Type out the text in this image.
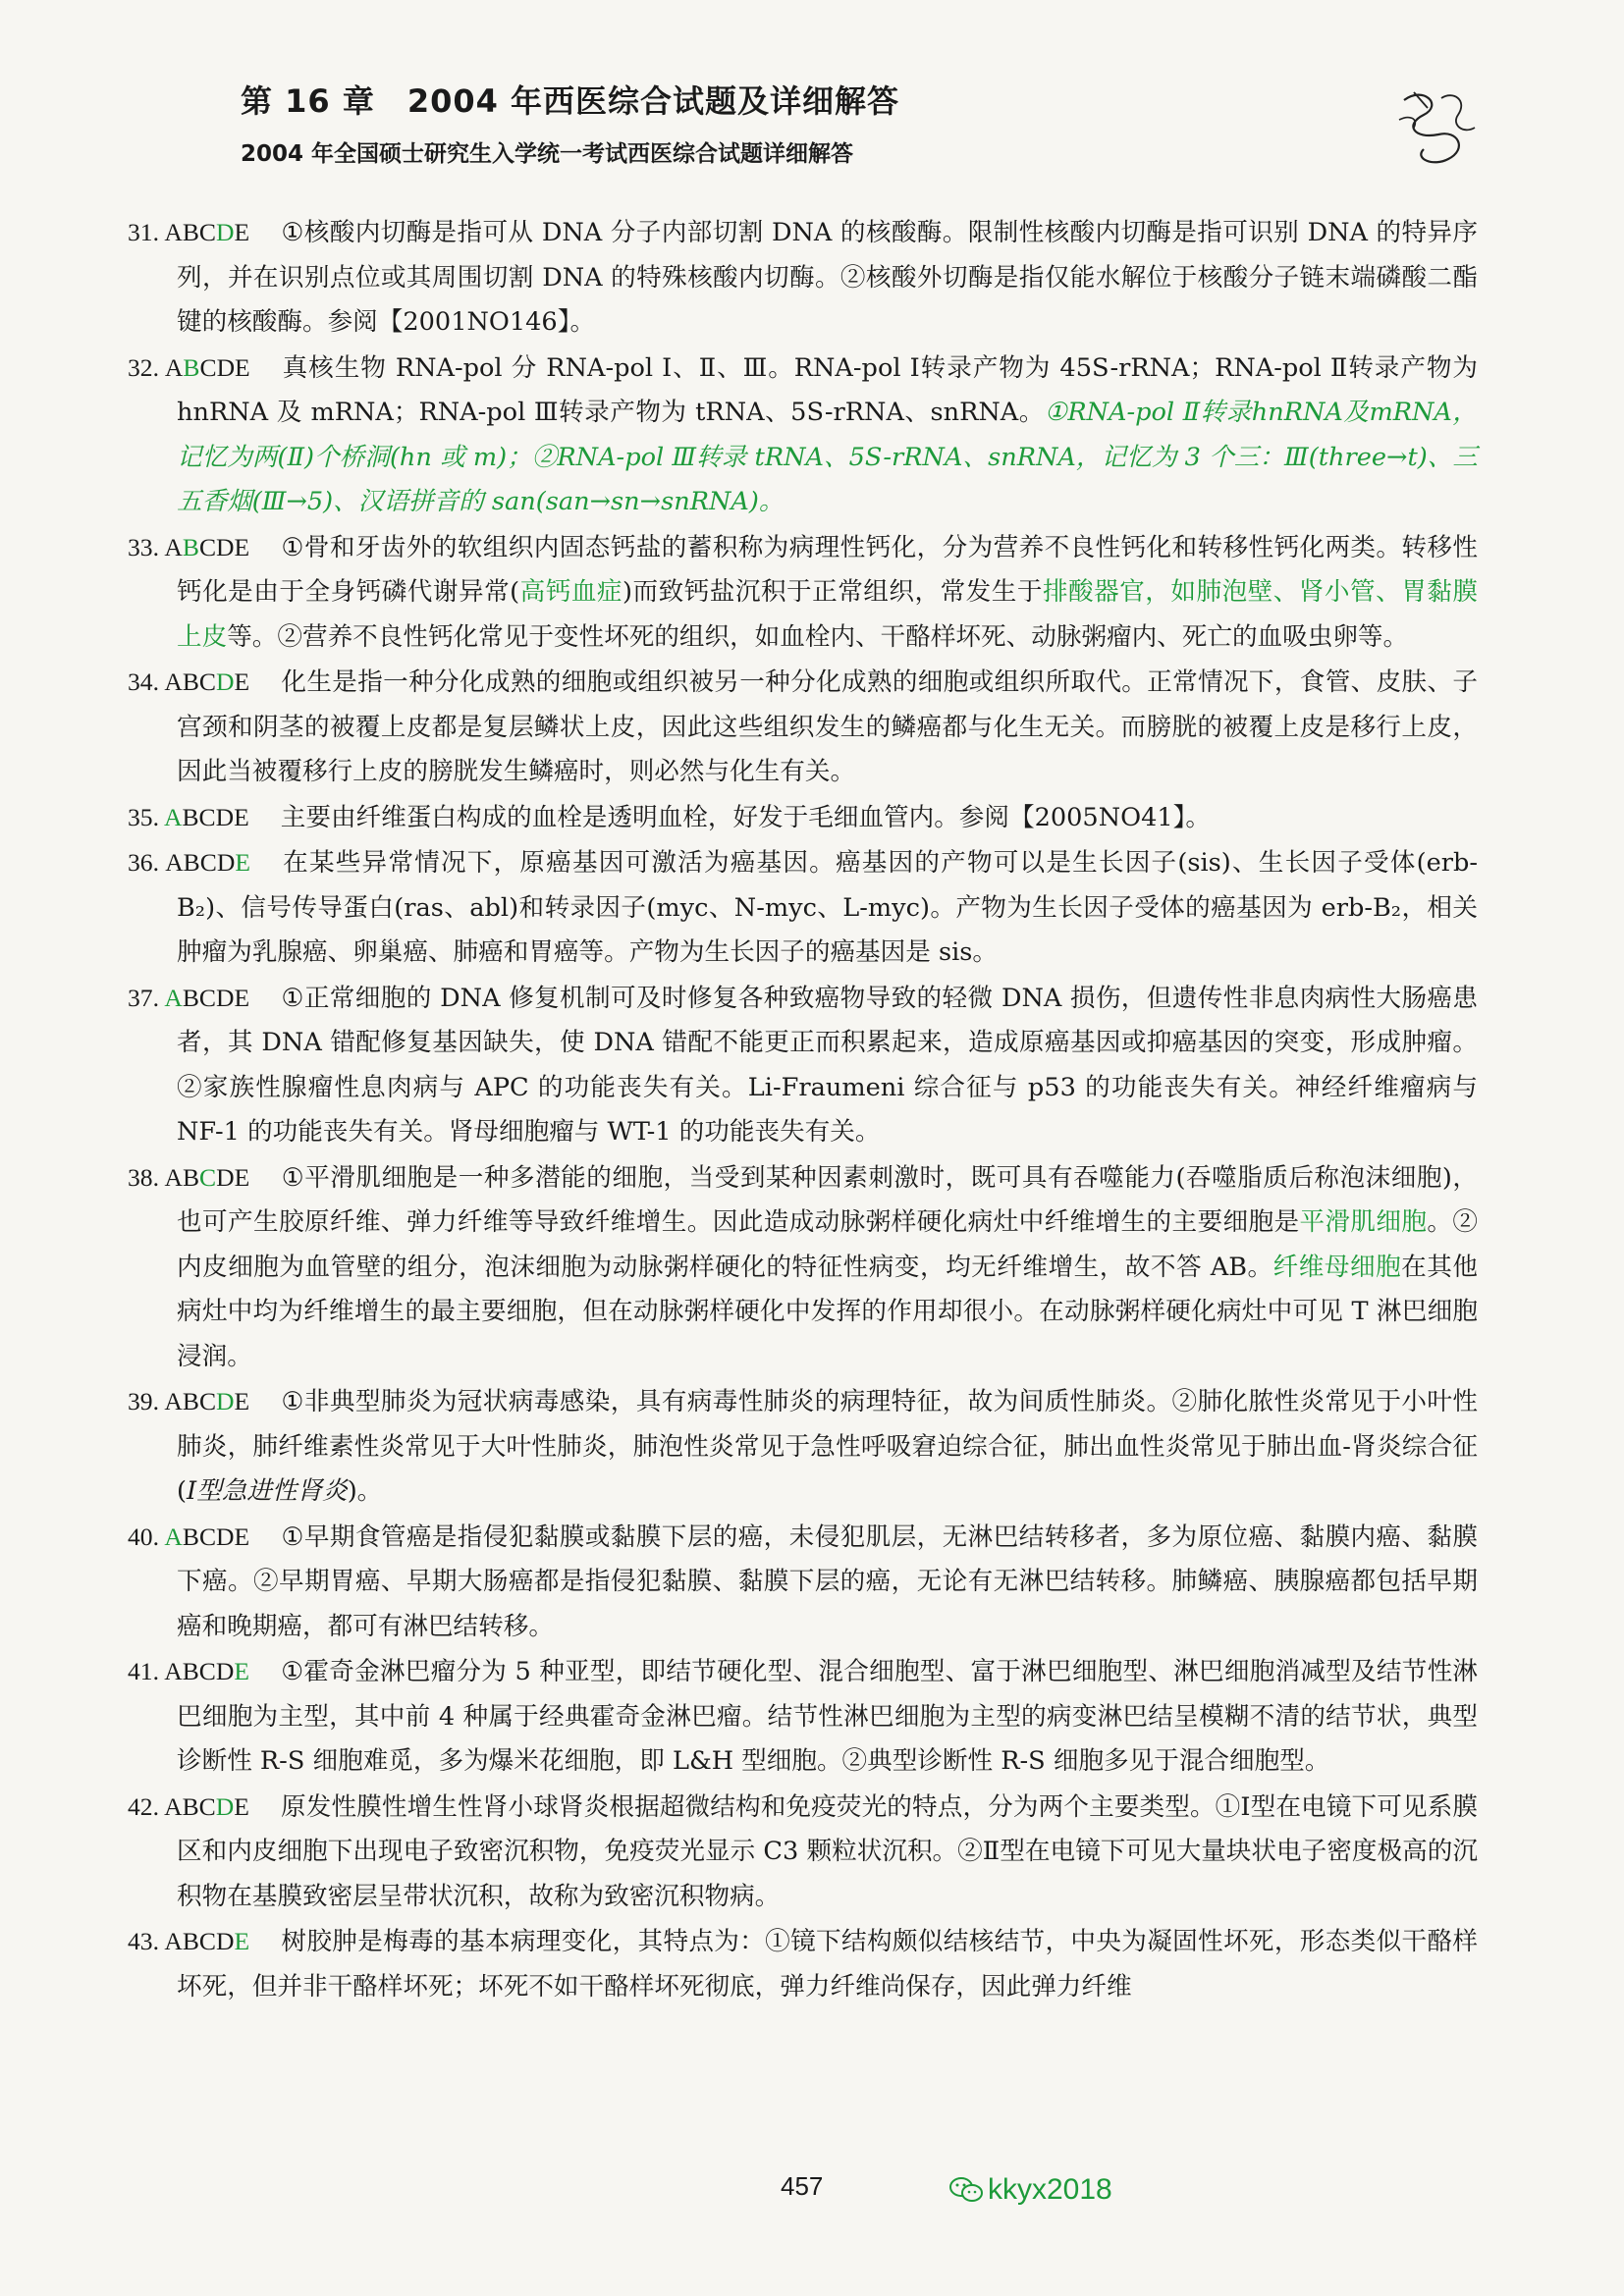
第 16 章　2004 年西医综合试题及详细解答
2004 年全国硕士研究生入学统一考试西医综合试题详细解答
31. ABCDE ①核酸内切酶是指可从 DNA 分子内部切割 DNA 的核酸酶。限制性核酸内切酶是指可识别 DNA 的特异序列，并在识别点位或其周围切割 DNA 的特殊核酸内切酶。②核酸外切酶是指仅能水解位于核酸分子链末端磷酸二酯键的核酸酶。参阅【2001NO146】。
32. ABCDE 真核生物 RNA-pol 分 RNA-pol Ⅰ、Ⅱ、Ⅲ。RNA-pol Ⅰ转录产物为 45S-rRNA；RNA-pol Ⅱ转录产物为 hnRNA 及 mRNA；RNA-pol Ⅲ转录产物为 tRNA、5S-rRNA、snRNA。①RNA-pol Ⅱ转录hnRNA及mRNA，记忆为两(Ⅱ)个桥洞(hn 或 m)；②RNA-pol Ⅲ转录 tRNA、5S-rRNA、snRNA，记忆为 3 个三：Ⅲ(three→t)、三五香烟(Ⅲ→5)、汉语拼音的 san(san→sn→snRNA)。
33. ABCDE ①骨和牙齿外的软组织内固态钙盐的蓄积称为病理性钙化，分为营养不良性钙化和转移性钙化两类。转移性钙化是由于全身钙磷代谢异常(高钙血症)而致钙盐沉积于正常组织，常发生于排酸器官，如肺泡壁、肾小管、胃黏膜上皮等。②营养不良性钙化常见于变性坏死的组织，如血栓内、干酪样坏死、动脉粥瘤内、死亡的血吸虫卵等。
34. ABCDE 化生是指一种分化成熟的细胞或组织被另一种分化成熟的细胞或组织所取代。正常情况下，食管、皮肤、子宫颈和阴茎的被覆上皮都是复层鳞状上皮，因此这些组织发生的鳞癌都与化生无关。而膀胱的被覆上皮是移行上皮，因此当被覆移行上皮的膀胱发生鳞癌时，则必然与化生有关。
35. ABCDE 主要由纤维蛋白构成的血栓是透明血栓，好发于毛细血管内。参阅【2005NO41】。
36. ABCDE 在某些异常情况下，原癌基因可激活为癌基因。癌基因的产物可以是生长因子(sis)、生长因子受体(erb-B₂)、信号传导蛋白(ras、abl)和转录因子(myc、N-myc、L-myc)。产物为生长因子受体的癌基因为 erb-B₂，相关肿瘤为乳腺癌、卵巢癌、肺癌和胃癌等。产物为生长因子的癌基因是 sis。
37. ABCDE ①正常细胞的 DNA 修复机制可及时修复各种致癌物导致的轻微 DNA 损伤，但遗传性非息肉病性大肠癌患者，其 DNA 错配修复基因缺失，使 DNA 错配不能更正而积累起来，造成原癌基因或抑癌基因的突变，形成肿瘤。②家族性腺瘤性息肉病与 APC 的功能丧失有关。Li-Fraumeni 综合征与 p53 的功能丧失有关。神经纤维瘤病与 NF-1 的功能丧失有关。肾母细胞瘤与 WT-1 的功能丧失有关。
38. ABCDE ①平滑肌细胞是一种多潜能的细胞，当受到某种因素刺激时，既可具有吞噬能力(吞噬脂质后称泡沫细胞)，也可产生胶原纤维、弹力纤维等导致纤维增生。因此造成动脉粥样硬化病灶中纤维增生的主要细胞是平滑肌细胞。②内皮细胞为血管壁的组分，泡沫细胞为动脉粥样硬化的特征性病变，均无纤维增生，故不答 AB。纤维母细胞在其他病灶中均为纤维增生的最主要细胞，但在动脉粥样硬化中发挥的作用却很小。在动脉粥样硬化病灶中可见 T 淋巴细胞浸润。
39. ABCDE ①非典型肺炎为冠状病毒感染，具有病毒性肺炎的病理特征，故为间质性肺炎。②肺化脓性炎常见于小叶性肺炎，肺纤维素性炎常见于大叶性肺炎，肺泡性炎常见于急性呼吸窘迫综合征，肺出血性炎常见于肺出血-肾炎综合征(Ⅰ型急进性肾炎)。
40. ABCDE ①早期食管癌是指侵犯黏膜或黏膜下层的癌，未侵犯肌层，无淋巴结转移者，多为原位癌、黏膜内癌、黏膜下癌。②早期胃癌、早期大肠癌都是指侵犯黏膜、黏膜下层的癌，无论有无淋巴结转移。肺鳞癌、胰腺癌都包括早期癌和晚期癌，都可有淋巴结转移。
41. ABCDE ①霍奇金淋巴瘤分为 5 种亚型，即结节硬化型、混合细胞型、富于淋巴细胞型、淋巴细胞消减型及结节性淋巴细胞为主型，其中前 4 种属于经典霍奇金淋巴瘤。结节性淋巴细胞为主型的病变淋巴结呈模糊不清的结节状，典型诊断性 R-S 细胞难觅，多为爆米花细胞，即 L&H 型细胞。②典型诊断性 R-S 细胞多见于混合细胞型。
42. ABCDE 原发性膜性增生性肾小球肾炎根据超微结构和免疫荧光的特点，分为两个主要类型。①Ⅰ型在电镜下可见系膜区和内皮细胞下出现电子致密沉积物，免疫荧光显示 C3 颗粒状沉积。②Ⅱ型在电镜下可见大量块状电子密度极高的沉积物在基膜致密层呈带状沉积，故称为致密沉积物病。
43. ABCDE 树胶肿是梅毒的基本病理变化，其特点为：①镜下结构颇似结核结节，中央为凝固性坏死，形态类似干酪样坏死，但并非干酪样坏死；坏死不如干酪样坏死彻底，弹力纤维尚保存，因此弹力纤维
457	kkyx2018
